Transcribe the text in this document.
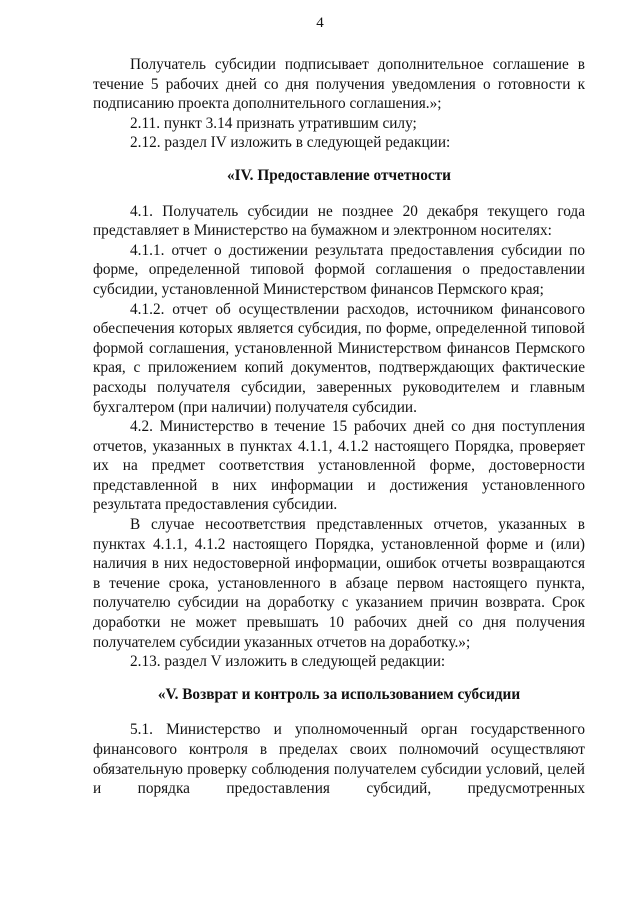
4

Получатель субсидии подписывает дополнительное соглашение в течение 5 рабочих дней со дня получения уведомления о готовности к подписанию проекта дополнительного соглашения.»;

2.11. пункт 3.14 признать утратившим силу;

2.12. раздел IV изложить в следующей редакции:

«IV. Предоставление отчетности

4.1. Получатель субсидии не позднее 20 декабря текущего года представляет в Министерство на бумажном и электронном носителях:

4.1.1. отчет о достижении результата предоставления субсидии по форме, определенной типовой формой соглашения о предоставлении субсидии, установленной Министерством финансов Пермского края;

4.1.2. отчет об осуществлении расходов, источником финансового обеспечения которых является субсидия, по форме, определенной типовой формой соглашения, установленной Министерством финансов Пермского края, с приложением копий документов, подтверждающих фактические расходы получателя субсидии, заверенных руководителем и главным бухгалтером (при наличии) получателя субсидии.

4.2. Министерство в течение 15 рабочих дней со дня поступления отчетов, указанных в пунктах 4.1.1, 4.1.2 настоящего Порядка, проверяет их на предмет соответствия установленной форме, достоверности представленной в них информации и достижения установленного результата предоставления субсидии.

В случае несоответствия представленных отчетов, указанных в пунктах 4.1.1, 4.1.2 настоящего Порядка, установленной форме и (или) наличия в них недостоверной информации, ошибок отчеты возвращаются в течение срока, установленного в абзаце первом настоящего пункта, получателю субсидии на доработку с указанием причин возврата. Срок доработки не может превышать 10 рабочих дней со дня получения получателем субсидии указанных отчетов на доработку.»;

2.13. раздел V изложить в следующей редакции:

«V. Возврат и контроль за использованием субсидии

5.1. Министерство и уполномоченный орган государственного финансового контроля в пределах своих полномочий осуществляют обязательную проверку соблюдения получателем субсидии условий, целей и порядка предоставления субсидий, предусмотренных
